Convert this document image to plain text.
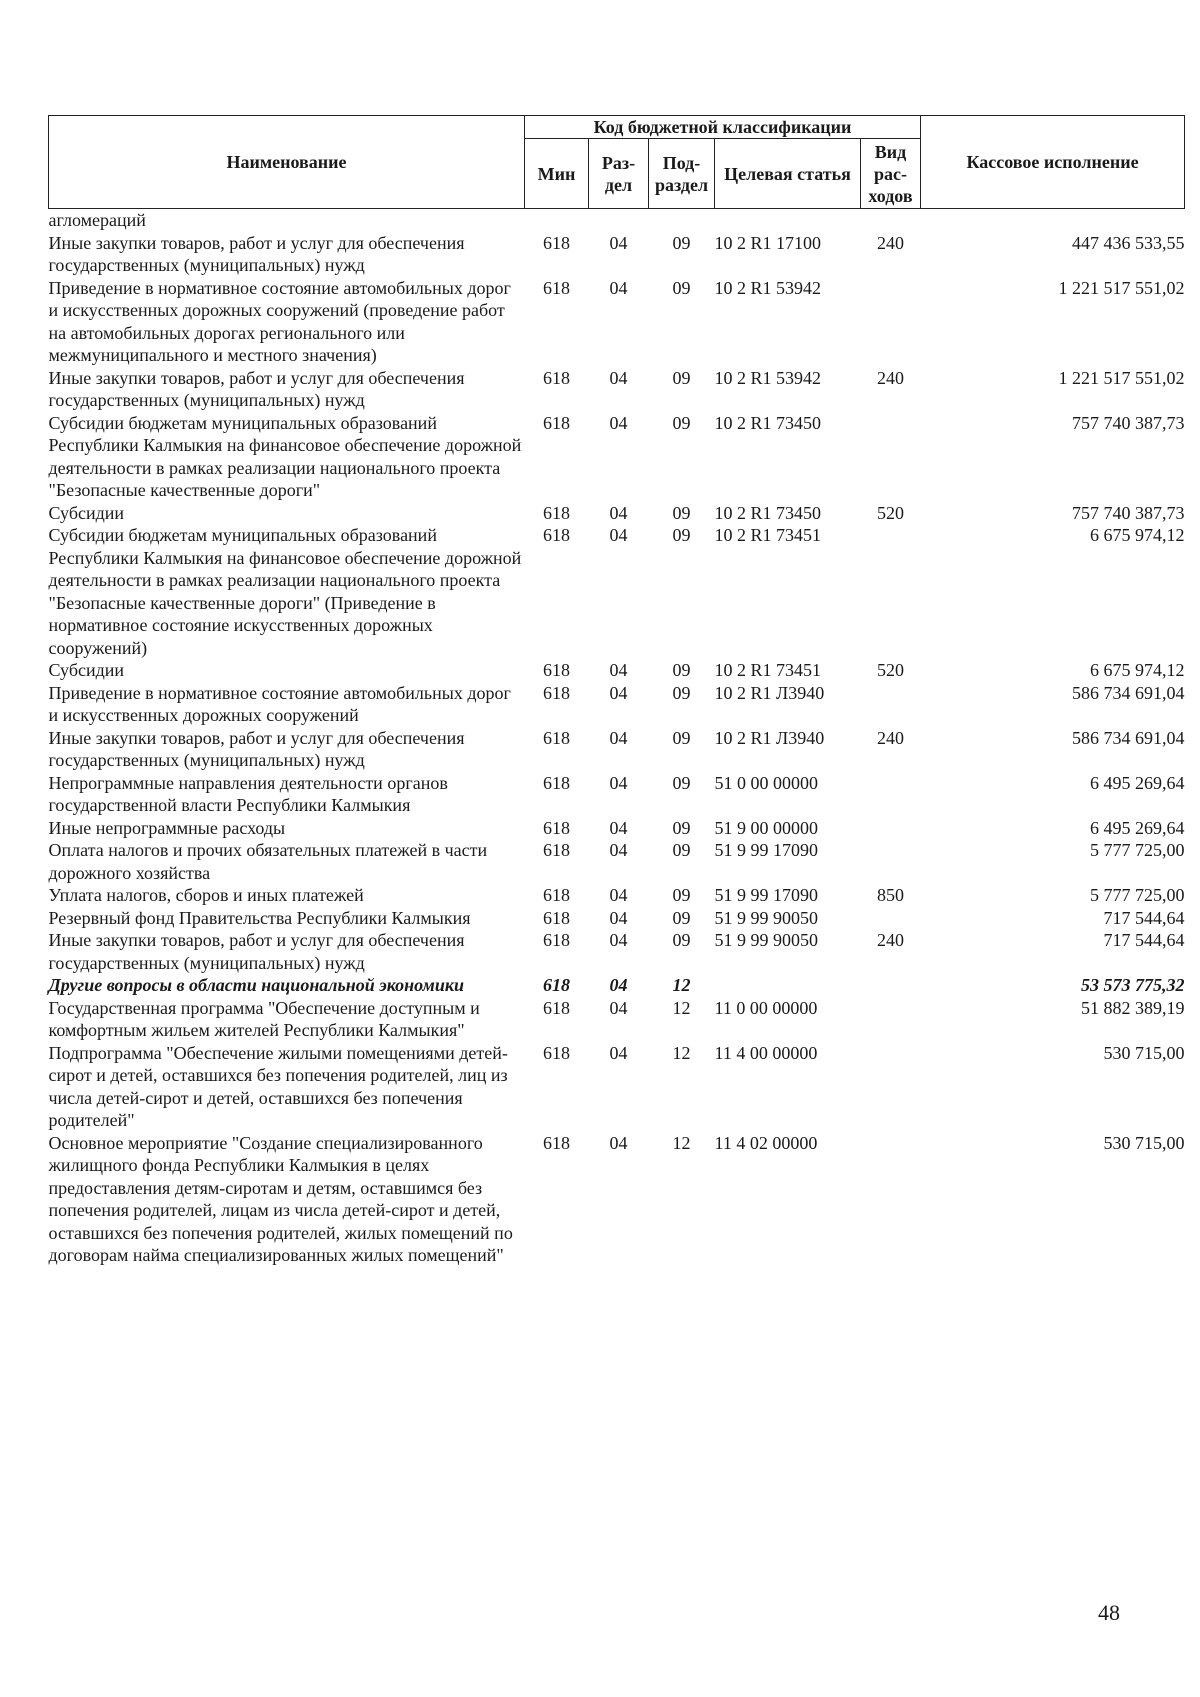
Наименование	Код бюджетной классификации					Кассовое исполнение
	Мин	Раз- дел	Под- раздел	Целевая статья	Вид рас- ходов	
агломераций						
Иные закупки товаров, работ и услуг для обеспечения государственных (муниципальных) нужд	618	04	09	10 2 R1 17100	240	447 436 533,55
Приведение в нормативное состояние автомобильных дорог и искусственных дорожных сооружений (проведение работ на автомобильных дорогах регионального или межмуниципального и местного значения)	618	04	09	10 2 R1 53942		1 221 517 551,02
Иные закупки товаров, работ и услуг для обеспечения государственных (муниципальных) нужд	618	04	09	10 2 R1 53942	240	1 221 517 551,02
Субсидии бюджетам муниципальных образований Республики Калмыкия на финансовое обеспечение дорожной деятельности в рамках реализации национального проекта "Безопасные качественные дороги"	618	04	09	10 2 R1 73450		757 740 387,73
Субсидии	618	04	09	10 2 R1 73450	520	757 740 387,73
Субсидии бюджетам муниципальных образований Республики Калмыкия на финансовое обеспечение дорожной деятельности в рамках реализации национального проекта "Безопасные качественные дороги" (Приведение в нормативное состояние искусственных дорожных сооружений)	618	04	09	10 2 R1 73451		6 675 974,12
Субсидии	618	04	09	10 2 R1 73451	520	6 675 974,12
Приведение в нормативное состояние автомобильных дорог и искусственных дорожных сооружений	618	04	09	10 2 R1 Л3940		586 734 691,04
Иные закупки товаров, работ и услуг для обеспечения государственных (муниципальных) нужд	618	04	09	10 2 R1 Л3940	240	586 734 691,04
Непрограммные направления деятельности органов государственной власти Республики Калмыкия	618	04	09	51 0 00 00000		6 495 269,64
Иные непрограммные расходы	618	04	09	51 9 00 00000		6 495 269,64
Оплата налогов и прочих обязательных платежей в части дорожного хозяйства	618	04	09	51 9 99 17090		5 777 725,00
Уплата налогов, сборов и иных платежей	618	04	09	51 9 99 17090	850	5 777 725,00
Резервный фонд Правительства Республики Калмыкия	618	04	09	51 9 99 90050		717 544,64
Иные закупки товаров, работ и услуг для обеспечения государственных (муниципальных) нужд	618	04	09	51 9 99 90050	240	717 544,64
Другие вопросы в области национальной экономики	618	04	12			53 573 775,32
Государственная программа "Обеспечение доступным и комфортным жильем жителей Республики Калмыкия"	618	04	12	11 0 00 00000		51 882 389,19
Подпрограмма "Обеспечение жилыми помещениями детей-сирот и детей, оставшихся без попечения родителей, лиц из числа детей-сирот и детей, оставшихся без попечения родителей"	618	04	12	11 4 00 00000		530 715,00
Основное мероприятие "Создание специализированного жилищного фонда Республики Калмыкия в целях предоставления детям-сиротам и детям, оставшимся без попечения родителей, лицам из числа детей-сирот и детей, оставшихся без попечения родителей, жилых помещений по договорам найма специализированных жилых помещений"	618	04	12	11 4 02 00000		530 715,00
48
